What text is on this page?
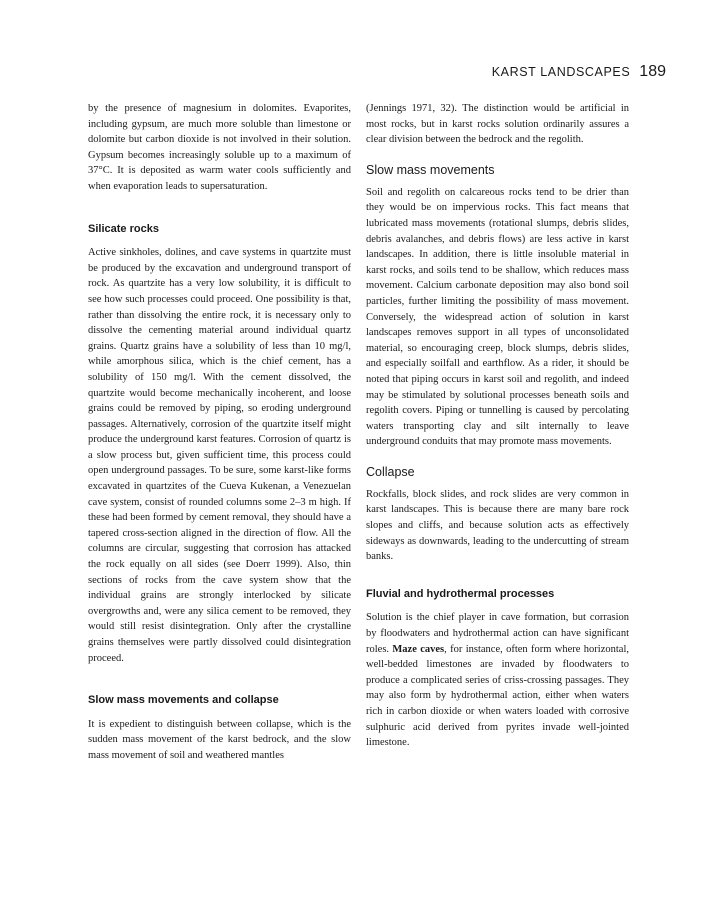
KARST LANDSCAPES 189

by the presence of magnesium in dolomites. Evaporites, including gypsum, are much more soluble than limestone or dolomite but carbon dioxide is not involved in their solution. Gypsum becomes increasingly soluble up to a maximum of 37°C. It is deposited as warm water cools sufficiently and when evaporation leads to supersaturation.

Silicate rocks

Active sinkholes, dolines, and cave systems in quartzite must be produced by the excavation and underground transport of rock. As quartzite has a very low solubility, it is difficult to see how such processes could proceed. One possibility is that, rather than dissolving the entire rock, it is necessary only to dissolve the cementing material around individual quartz grains. Quartz grains have a solubility of less than 10 mg/l, while amorphous silica, which is the chief cement, has a solubility of 150 mg/l. With the cement dissolved, the quartzite would become mechanically incoherent, and loose grains could be removed by piping, so eroding underground passages. Alternatively, corrosion of the quartzite itself might produce the underground karst features. Corrosion of quartz is a slow process but, given sufficient time, this process could open underground passages. To be sure, some karst-like forms excavated in quartzites of the Cueva Kukenan, a Venezuelan cave system, consist of rounded columns some 2–3 m high. If these had been formed by cement removal, they should have a tapered cross-section aligned in the direction of flow. All the columns are circular, suggesting that corrosion has attacked the rock equally on all sides (see Doerr 1999). Also, thin sections of rocks from the cave system show that the individual grains are strongly interlocked by silicate overgrowths and, were any silica cement to be removed, they would still resist disintegration. Only after the crystalline grains themselves were partly dissolved could disintegration proceed.

Slow mass movements and collapse

It is expedient to distinguish between collapse, which is the sudden mass movement of the karst bedrock, and the slow mass movement of soil and weathered mantles

(Jennings 1971, 32). The distinction would be artificial in most rocks, but in karst rocks solution ordinarily assures a clear division between the bedrock and the regolith.

Slow mass movements

Soil and regolith on calcareous rocks tend to be drier than they would be on impervious rocks. This fact means that lubricated mass movements (rotational slumps, debris slides, debris avalanches, and debris flows) are less active in karst landscapes. In addition, there is little insoluble material in karst rocks, and soils tend to be shallow, which reduces mass movement. Calcium carbonate deposition may also bond soil particles, further limiting the possibility of mass movement. Conversely, the widespread action of solution in karst landscapes removes support in all types of unconsolidated material, so encouraging creep, block slumps, debris slides, and especially soilfall and earthflow. As a rider, it should be noted that piping occurs in karst soil and regolith, and indeed may be stimulated by solutional processes beneath soils and regolith covers. Piping or tunnelling is caused by percolating waters transporting clay and silt internally to leave underground conduits that may promote mass movements.

Collapse

Rockfalls, block slides, and rock slides are very common in karst landscapes. This is because there are many bare rock slopes and cliffs, and because solution acts as effectively sideways as downwards, leading to the undercutting of stream banks.

Fluvial and hydrothermal processes

Solution is the chief player in cave formation, but corrasion by floodwaters and hydrothermal action can have significant roles. Maze caves, for instance, often form where horizontal, well-bedded limestones are invaded by floodwaters to produce a complicated series of criss-crossing passages. They may also form by hydrothermal action, either when waters rich in carbon dioxide or when waters loaded with corrosive sulphuric acid derived from pyrites invade well-jointed limestone.
